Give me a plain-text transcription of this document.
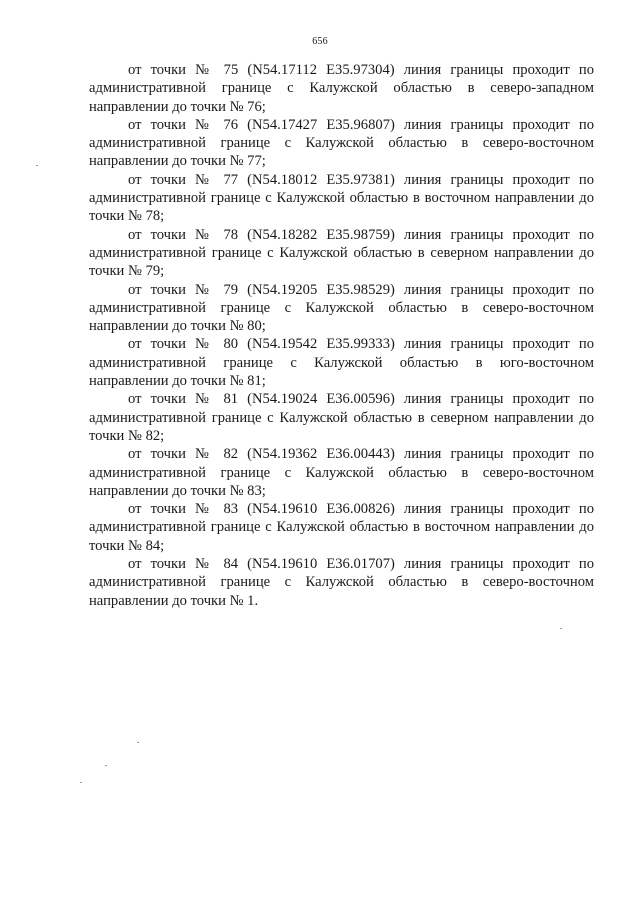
656

от точки № 75 (N54.17112 E35.97304) линия границы проходит по административной границе с Калужской областью в северо-западном направлении до точки № 76;

от точки № 76 (N54.17427 E35.96807) линия границы проходит по административной границе с Калужской областью в северо-восточном направлении до точки № 77;

от точки № 77 (N54.18012 E35.97381) линия границы проходит по административной границе с Калужской областью в восточном направлении до точки № 78;

от точки № 78 (N54.18282 E35.98759) линия границы проходит по административной границе с Калужской областью в северном направлении до точки № 79;

от точки № 79 (N54.19205 E35.98529) линия границы проходит по административной границе с Калужской областью в северо-восточном направлении до точки № 80;

от точки № 80 (N54.19542 E35.99333) линия границы проходит по административной границе с Калужской областью в юго-восточном направлении до точки № 81;

от точки № 81 (N54.19024 E36.00596) линия границы проходит по административной границе с Калужской областью в северном направлении до точки № 82;

от точки № 82 (N54.19362 E36.00443) линия границы проходит по административной границе с Калужской областью в северо-восточном направлении до точки № 83;

от точки № 83 (N54.19610 E36.00826) линия границы проходит по административной границе с Калужской областью в восточном направлении до точки № 84;

от точки № 84 (N54.19610 E36.01707) линия границы проходит по административной границе с Калужской областью в северо-восточном направлении до точки № 1.
